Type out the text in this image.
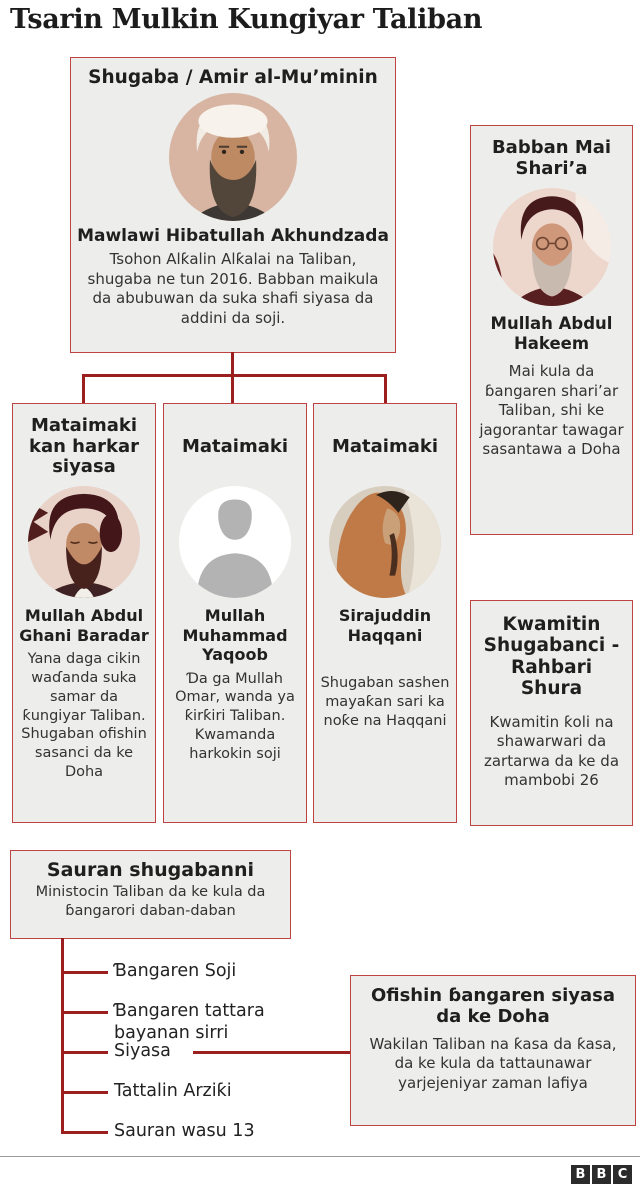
Tsarin Mulkin Kungiyar Taliban
Shugaba / Amir al-Mu’minin
Mawlawi Hibatullah Akhundzada
Tsohon Alƙalin Alƙalai na Taliban, shugaba ne tun 2016. Babban maikula da abubuwan da suka shafi siyasa da addini da soji.
Babban Mai Shari’a
Mullah Abdul Hakeem
Mai kula da ɓangaren shari’ar Taliban, shi ke jagorantar tawagar sasantawa a Doha
Mataimaki kan harkar siyasa
Mullah Abdul Ghani Baradar
Yana daga cikin waɗanda suka samar da ƙungiyar Taliban. Shugaban ofishin sasanci da ke Doha
Mataimaki
Mullah Muhammad Yaqoob
Ɗa ga Mullah Omar, wanda ya ƙirƙiri Taliban. Kwamanda harkokin soji
Mataimaki
Sirajuddin Haqqani
Shugaban sashen mayaƙan sari ka noƙe na Haqqani
Kwamitin Shugabanci -Rahbari Shura
Kwamitin ƙoli na shawarwari da zartarwa da ke da mambobi 26
Sauran shugabanni
Ministocin Taliban da ke kula da ɓangarori daban-daban
Ofishin ɓangaren siyasa da ke Doha
Wakilan Taliban na ƙasa da ƙasa, da ke kula da tattaunawar yarjejeniyar zaman lafiya
Ɓangaren Soji
Ɓangaren tattara bayanan sirri
Siyasa
Tattalin Arziƙi
Sauran wasu 13
B B C
